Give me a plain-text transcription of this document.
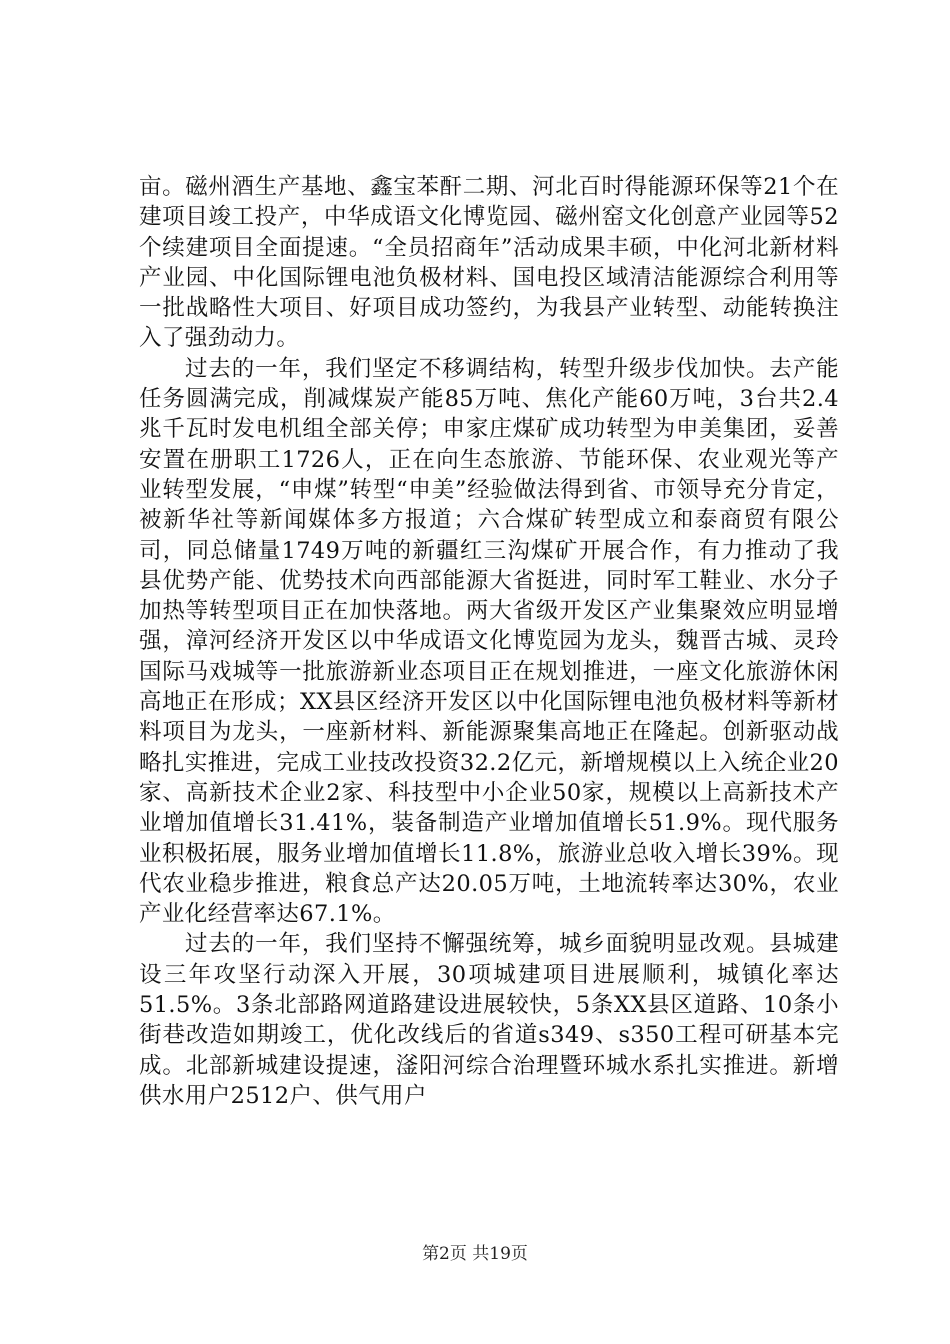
亩。磁州酒生产基地、鑫宝苯酐二期、河北百时得能源环保等21个在建项目竣工投产，中华成语文化博览园、磁州窑文化创意产业园等52个续建项目全面提速。“全员招商年”活动成果丰硕，中化河北新材料产业园、中化国际锂电池负极材料、国电投区域清洁能源综合利用等一批战略性大项目、好项目成功签约，为我县产业转型、动能转换注入了强劲动力。

过去的一年，我们坚定不移调结构，转型升级步伐加快。去产能任务圆满完成，削减煤炭产能85万吨、焦化产能60万吨，3台共2.4兆千瓦时发电机组全部关停；申家庄煤矿成功转型为申美集团，妥善安置在册职工1726人，正在向生态旅游、节能环保、农业观光等产业转型发展，“申煤”转型“申美”经验做法得到省、市领导充分肯定，被新华社等新闻媒体多方报道；六合煤矿转型成立和泰商贸有限公司，同总储量1749万吨的新疆红三沟煤矿开展合作，有力推动了我县优势产能、优势技术向西部能源大省挺进，同时军工鞋业、水分子加热等转型项目正在加快落地。两大省级开发区产业集聚效应明显增强，漳河经济开发区以中华成语文化博览园为龙头，魏晋古城、灵玲国际马戏城等一批旅游新业态项目正在规划推进，一座文化旅游休闲高地正在形成；XX县区经济开发区以中化国际锂电池负极材料等新材料项目为龙头，一座新材料、新能源聚集高地正在隆起。创新驱动战略扎实推进，完成工业技改投资32.2亿元，新增规模以上入统企业20家、高新技术企业2家、科技型中小企业50家，规模以上高新技术产业增加值增长31.41%，装备制造产业增加值增长51.9%。现代服务业积极拓展，服务业增加值增长11.8%，旅游业总收入增长39%。现代农业稳步推进，粮食总产达20.05万吨，土地流转率达30%，农业产业化经营率达67.1%。

过去的一年，我们坚持不懈强统筹，城乡面貌明显改观。县城建设三年攻坚行动深入开展，30项城建项目进展顺利，城镇化率达51.5%。3条北部路网道路建设进展较快，5条XX县区道路、10条小街巷改造如期竣工，优化改线后的省道s349、s350工程可研基本完成。北部新城建设提速，滏阳河综合治理暨环城水系扎实推进。新增供水用户2512户、供气用户

第2页 共19页
